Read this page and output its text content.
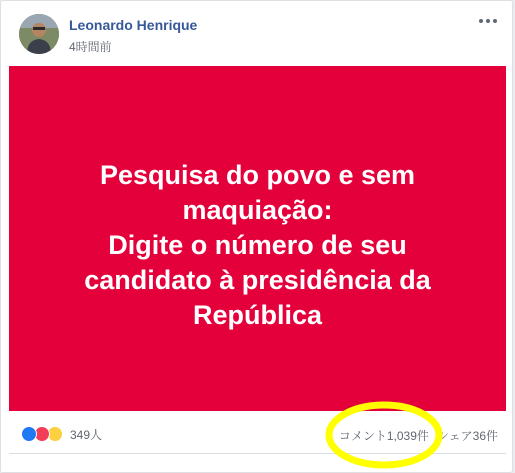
Leonardo Henrique
4時間前
Pesquisa do povo e sem
maquiação:
Digite o número de seu
candidato à presidência da
República
349人	コメント1,039件 シェア36件
